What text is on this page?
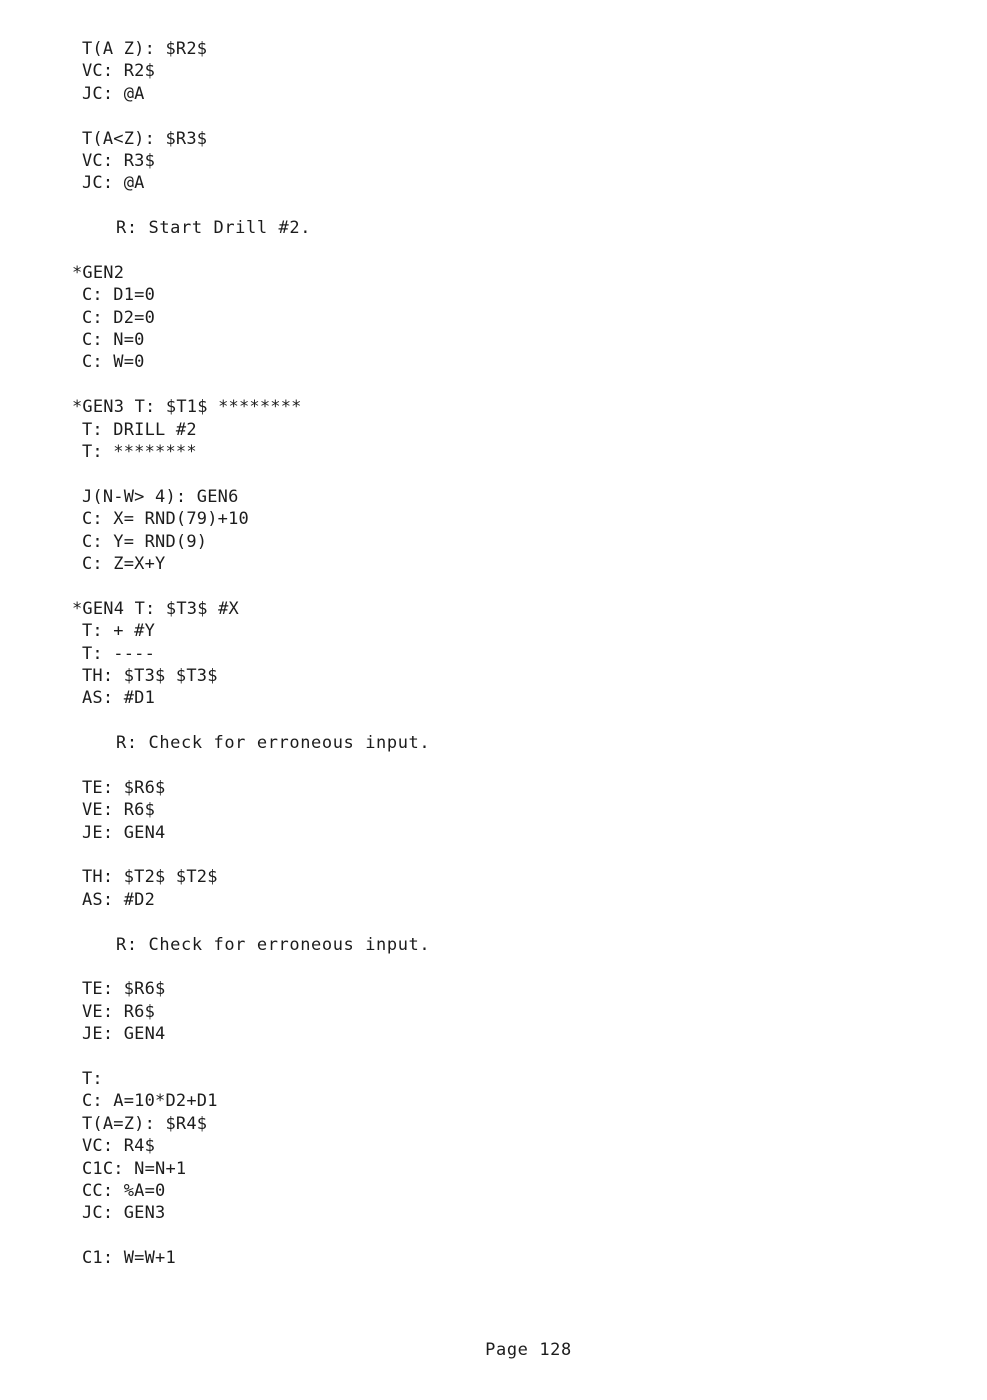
T(A Z): $R2$
VC: R2$
JC: @A
T(A<Z): $R3$
VC: R3$
JC: @A
R: Start Drill #2.
*GEN2
C: D1=0
C: D2=0
C: N=0
C: W=0
*GEN3 T: $T1$ ********
T: DRILL #2
T: ********
J(N-W> 4): GEN6
C: X= RND(79)+10
C: Y= RND(9)
C: Z=X+Y
*GEN4 T: $T3$ #X
T: + #Y
T: ----
TH: $T3$ $T3$
AS: #D1
R: Check for erroneous input.
TE: $R6$
VE: R6$
JE: GEN4
TH: $T2$ $T2$
AS: #D2
R: Check for erroneous input.
TE: $R6$
VE: R6$
JE: GEN4
T:
C: A=10*D2+D1
T(A=Z): $R4$
VC: R4$
C1C: N=N+1
CC: %A=0
JC: GEN3
C1: W=W+1
Page 128
